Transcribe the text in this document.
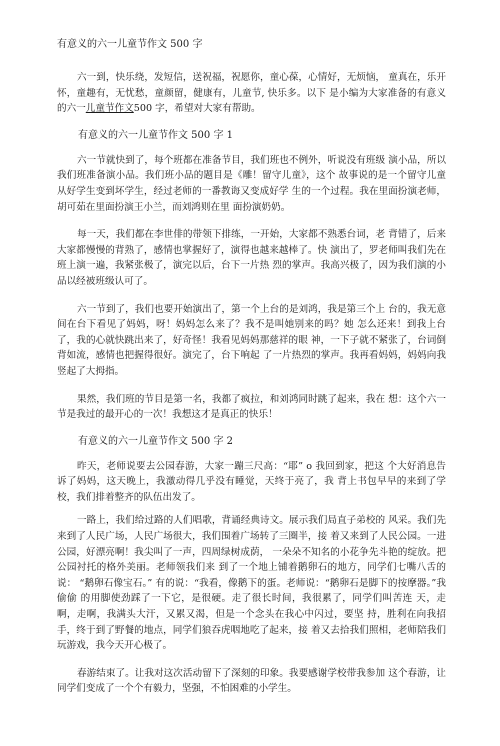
有意义的六一儿童节作文 500 字

六一到，快乐绕，发短信，送祝福，祝愿你，童心葆，心情好，无烦恼， 童真在，乐开怀，童趣有，无忧愁，童颜留，健康有，儿童节, 快乐多。以下 是小编为大家准备的有意义的六一儿童节作文500 字，希望对大家有帮助。

有意义的六一儿童节作文 500 字 1

六一节就快到了，每个班都在准备节目，我们班也不例外，听说没有班级 演小品，所以我们班准备演小品。我们班小品的题目是《雕！留守儿童》，这个 故事说的是一个留守儿童从好学生变到坏学生，经过老师的一番教诲又变成好学 生的一个过程。我在里面扮演老师，胡可茹在里面扮演王小兰，而刘鸿则在里 面扮演奶奶。

每一天，我们都在李世俳的带领下排练，一开始，大家都不熟悉台词，老 背错了，后来大家都慢慢的背熟了，感情也掌握好了，演得也越来越棒了。快 演出了，罗老师叫我们先在班上演一遍，我紧张极了，演完以后，台下一片热 烈的掌声。我高兴极了，因为我们演的小品以经被班级认可了。

六一节到了，我们也要开始演出了，第一个上台的是刘鸿，我是第三个上 台的，我无意间在台下看见了妈妈，呀！妈妈怎么来了？我不是叫她别来的吗？她 怎么还来！到我上台了，我的心就快跳出来了，好奇怪！我看见妈妈那慈祥的眼 神，一下子就不紧张了，台词倒背如流，感情也把握得很好。演完了，台下响起 了一片热烈的掌声。我再看妈妈，妈妈向我竖起了大拇指。

果然，我们班的节目是第一名，我都了疯拉，和刘鸿同时跳了起来，我在 想：这个六一节是我过的最开心的一次！我想这才是真正的快乐！

有意义的六一儿童节作文 500 字 2

昨天，老师说要去公园春游，大家一蹦三尺高：“耶” o 我回到家，把这 个大好消息告诉了妈妈，这天晚上，我激动得几乎没有睡觉，天终于亮了，我 背上书包早早的来到了学校，我们排着整齐的队伍出发了。

一路上，我们给过路的人们唱歌，背诵经典诗文。展示我们局直子弟校的 风采。我们先来到了人民广场，人民广场很大，我们围着广场转了三圈半，接 着又来到了人民公园。一进公园，好漂亮啊！我尖叫了一声，四周绿树成荫， 一朵朵不知名的小花争先斗艳的绽放。把公园衬托的格外美丽。老师领我们来 到了一个地上铺着鹅卵石的地方，同学们七嘴八舌的说： “鹅卵石像宝石。” 有的说：“我看，像鹅下的蛋。老师说：“鹅卵石是脚下的按摩器。”我偷偷 的用脚使劲踩了一下它，是很硬。走了很长时间，我很累了，同学们叫苦连 天，走啊，走啊，我满头大汗，又累又渴，但是一个念头在我心中闪过，要坚 持，胜利在向我招手，终于到了野餐的地点，同学们狼吞虎咽地吃了起来，接 着又去拾我们照相，老师陪我们玩游戏，我今天开心极了。

春游结束了。让我对这次活动留下了深刻的印象。我要感谢学校带我参加 这个春游，让同学们变成了一个个有毅力，坚强，不怕困难的小学生。
